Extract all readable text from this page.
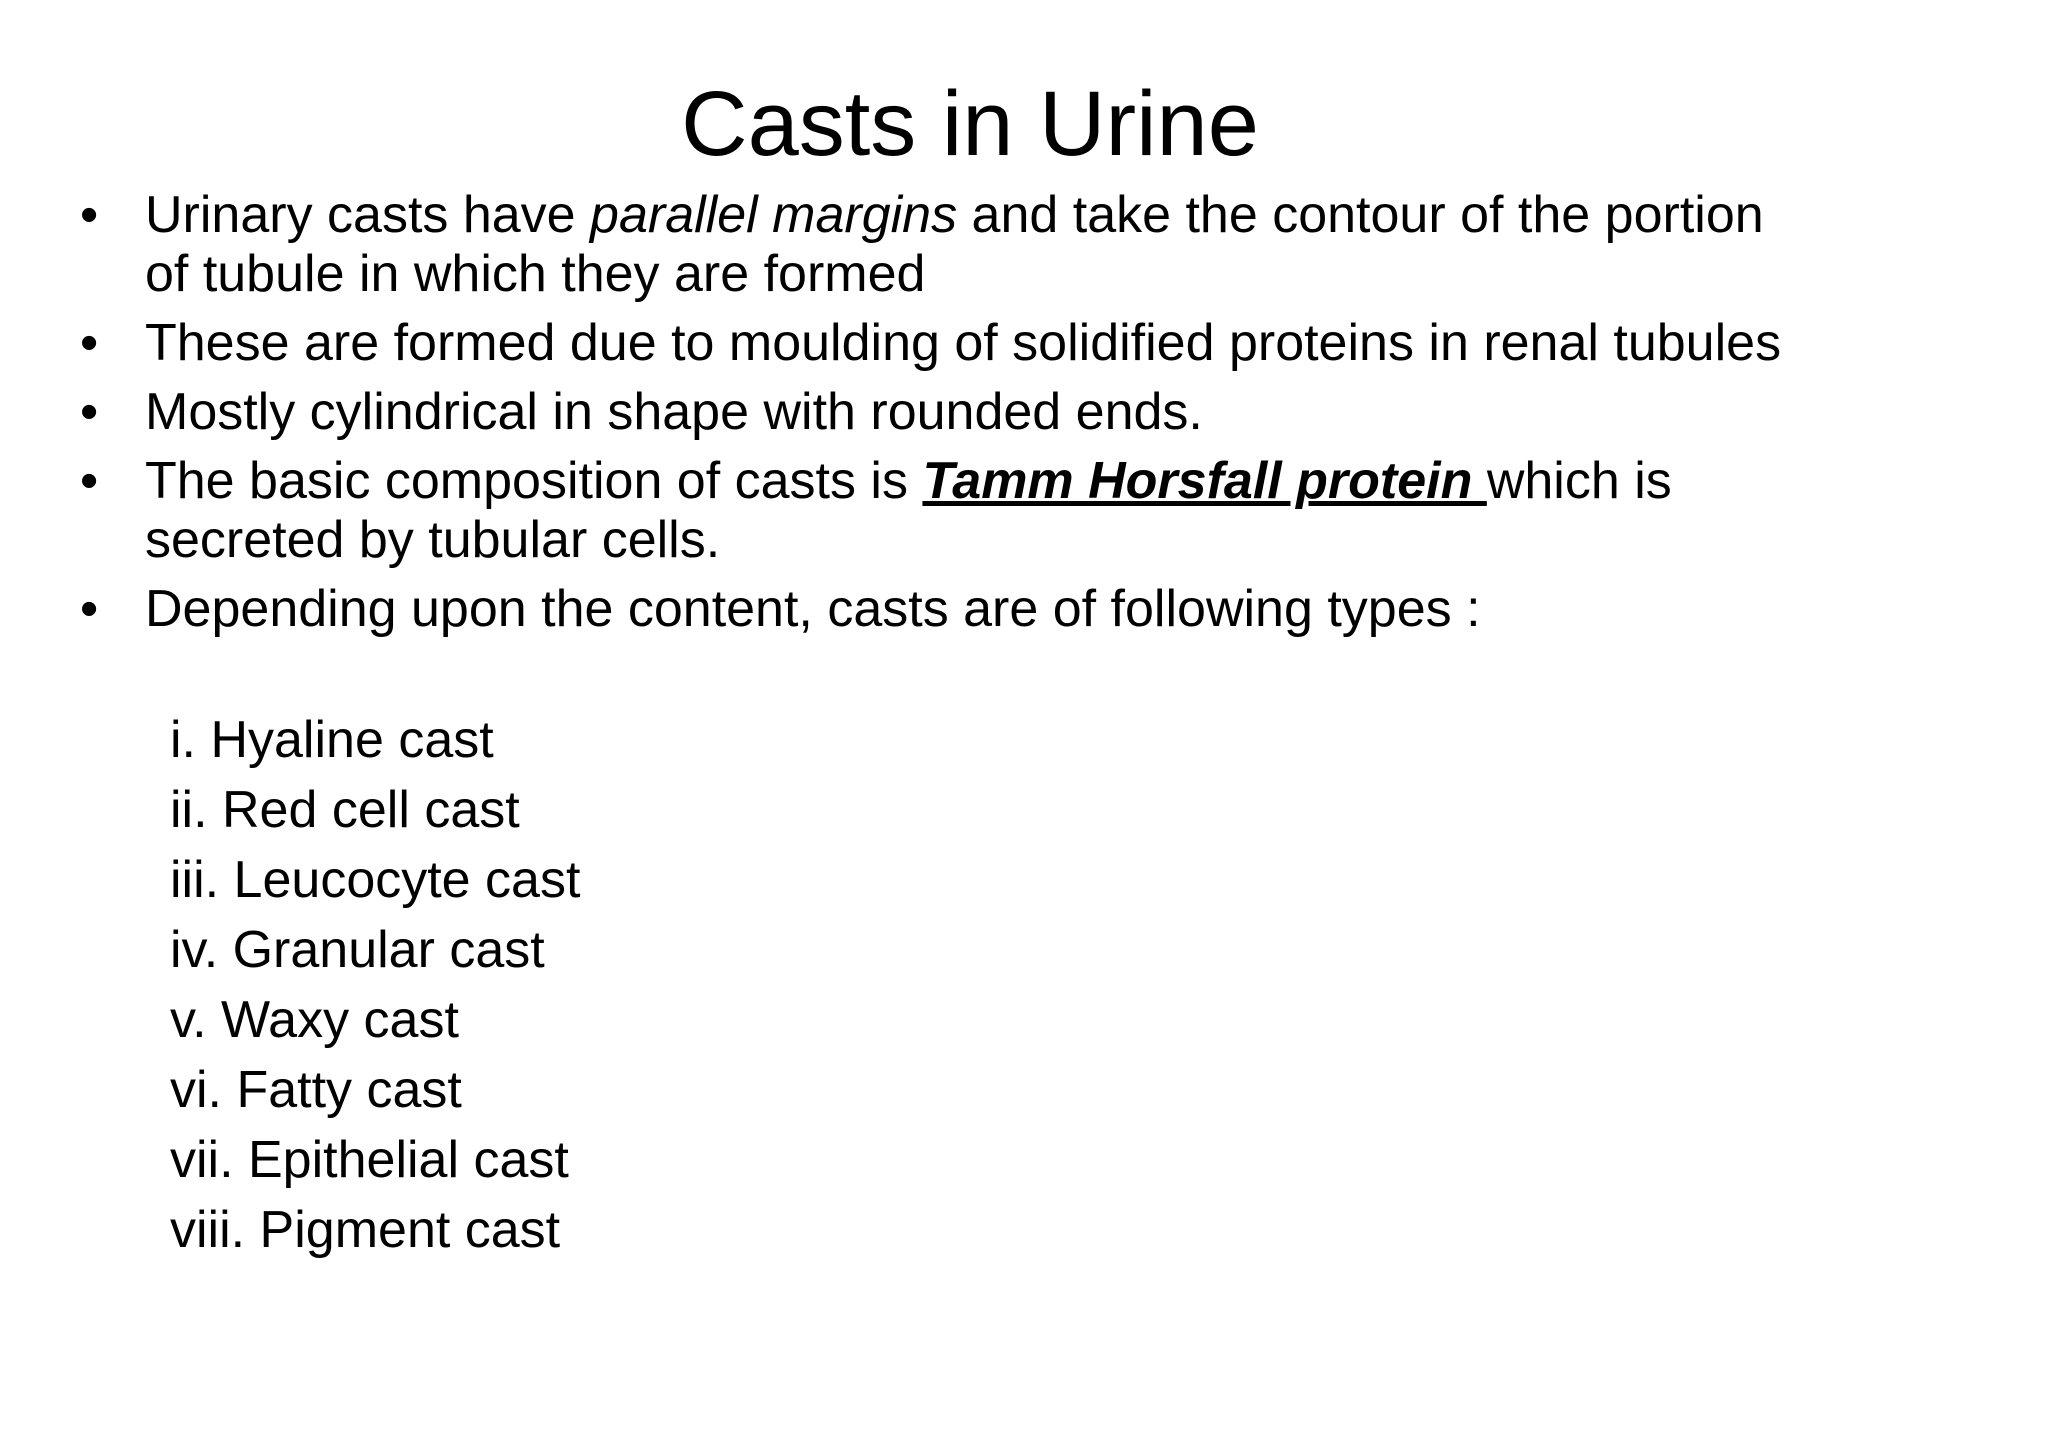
Casts in Urine
• Urinary casts have parallel margins and take the contour of the portion of tubule in which they are formed
• These are formed due to moulding of solidified proteins in renal tubules
• Mostly cylindrical in shape with rounded ends.
• The basic composition of casts is Tamm Horsfall protein which is secreted by tubular cells.
• Depending upon the content, casts are of following types :
i. Hyaline cast
ii. Red cell cast
iii. Leucocyte cast
iv. Granular cast
v. Waxy cast
vi. Fatty cast
vii. Epithelial cast
viii. Pigment cast
